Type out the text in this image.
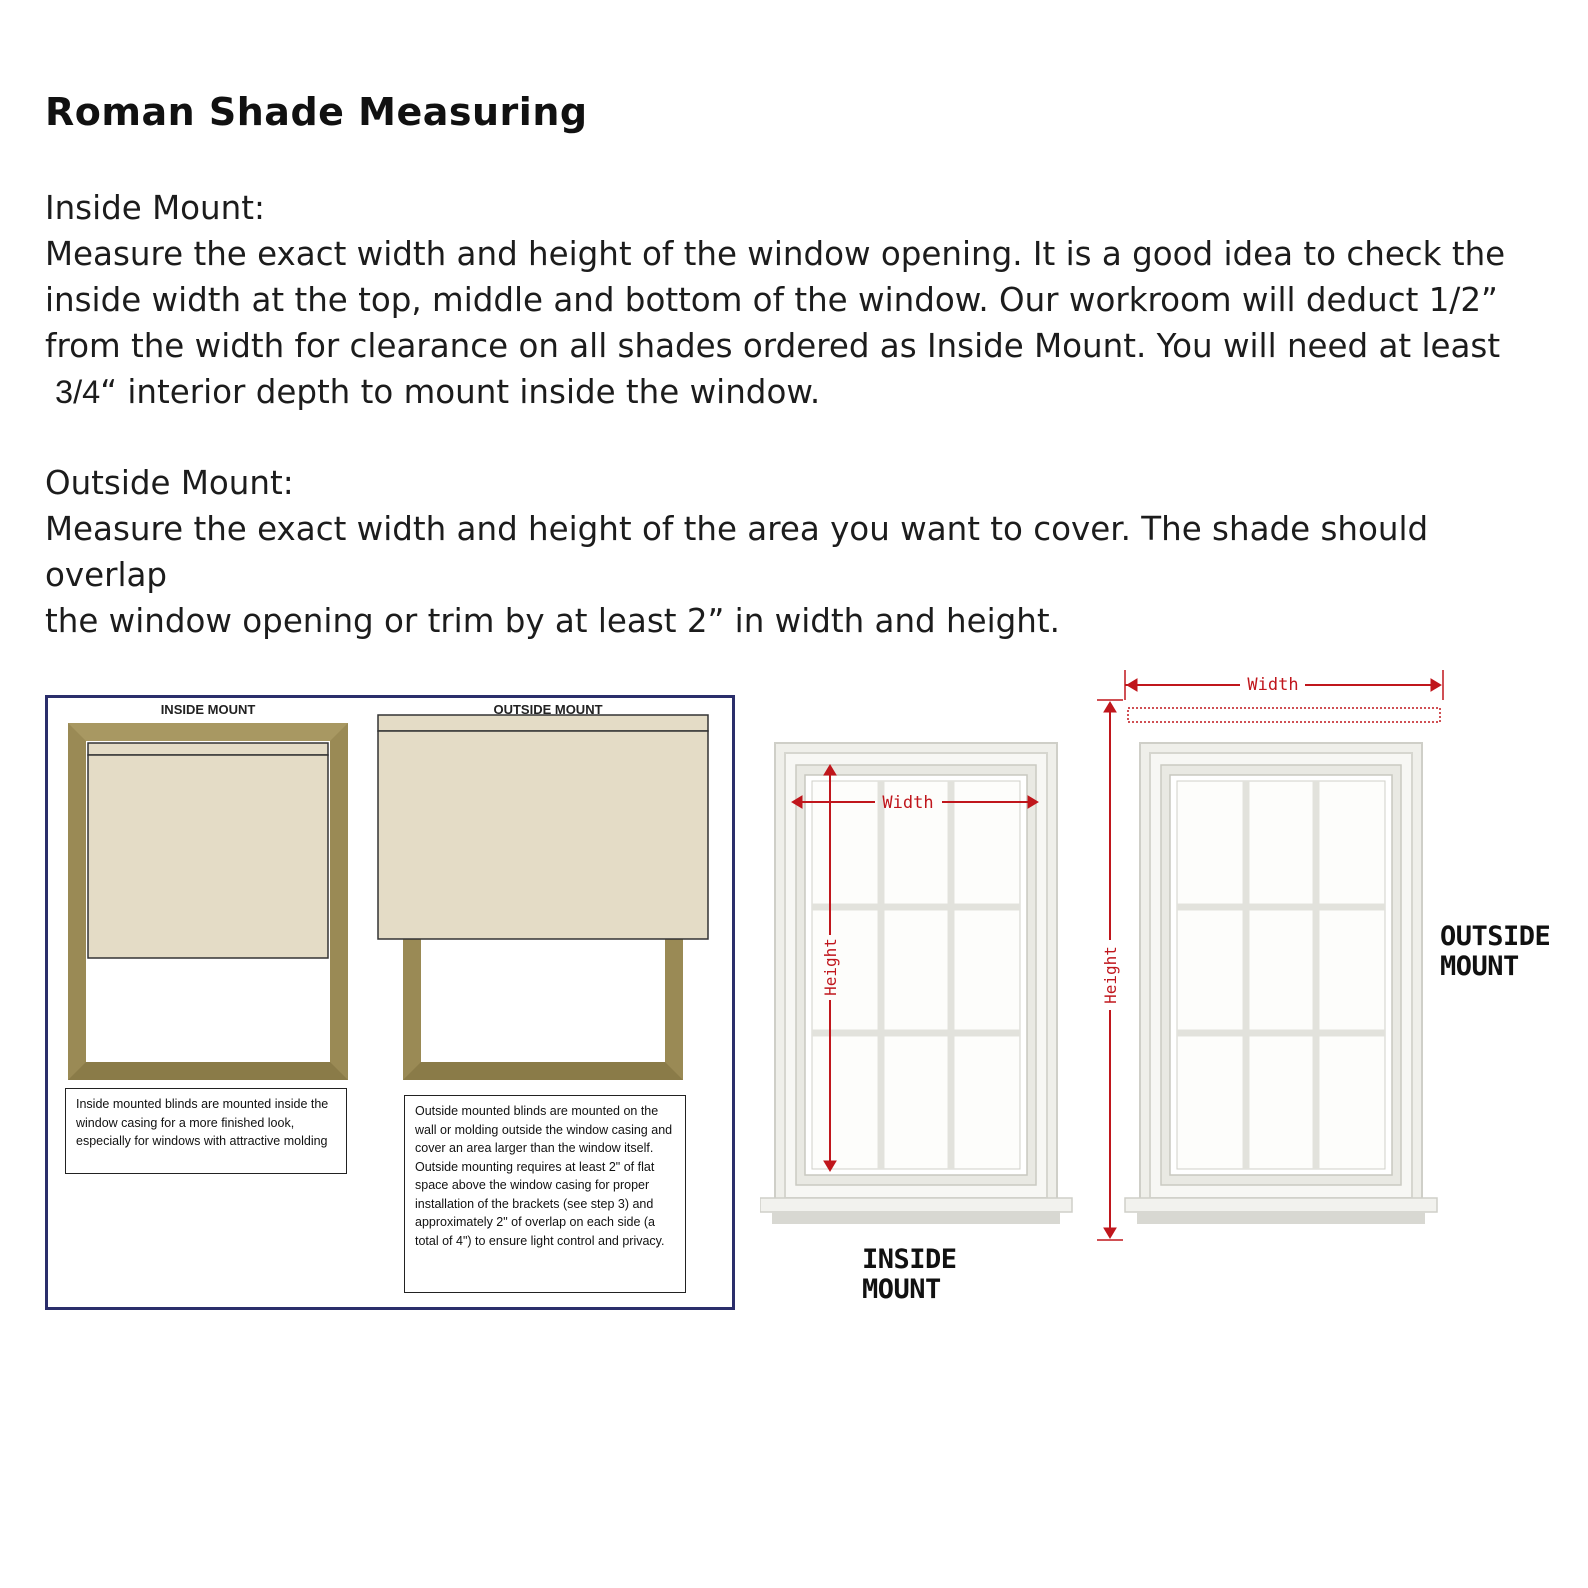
Roman Shade Measuring

Inside Mount:

Measure the exact width and height of the window opening. It is a good idea to check the

inside width at the top, middle and bottom of the window. Our workroom will deduct 1/2”

from the width for clearance on all shades ordered as Inside Mount. You will need at least

3/4“ interior depth to mount inside the window.

Outside Mount:

Measure the exact width and height of the area you want to cover. The shade should overlap

the window opening or trim by at least 2” in width and height.

INSIDE MOUNT	OUTSIDE MOUNT
Inside mounted blinds are mounted inside the window casing for a more finished look, especially for windows with attractive molding
Outside mounted blinds are mounted on the wall or molding outside the window casing and cover an area larger than the window itself. Outside mounting requires at least 2" of flat space above the window casing for proper installation of the brackets (see step 3) and approximately 2" of overlap on each side (a total of 4") to ensure light control and privacy.
Width
Height
INSIDE
MOUNT
Width
Height
OUTSIDE
MOUNT
